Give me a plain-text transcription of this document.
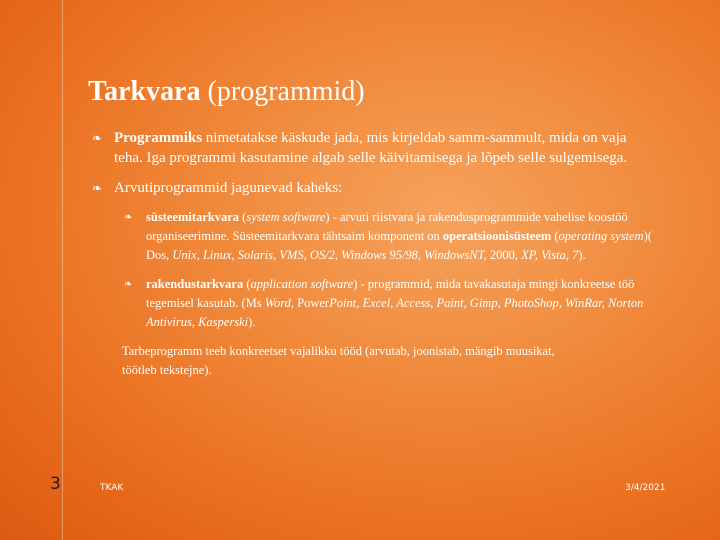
Tarkvara (programmid)
❧ Programmiks nimetatakse käskude jada, mis kirjeldab samm-sammult, mida on vaja teha. Iga programmi kasutamine algab selle käivitamisega ja lõpeb selle sulgemisega.
❧ Arvutiprogrammid jagunevad kaheks:
❧ süsteemitarkvara (system software) - arvuti riistvara ja rakendusprogrammide vahelise koostöö organiseerimine. Süsteemitarkvara tähtsaim komponent on operatsioonisüsteem (operating system)( Dos, Unix, Linux, Solaris, VMS, OS/2, Windows 95/98, WindowsNT, 2000, XP, Vista, 7).
❧ rakendustarkvara (application software) - programmid, mida tavakasutaja mingi konkreetse töö tegemisel kasutab. (Ms Word, PowerPoint, Excel, Access, Paint, Gimp, PhotoShop, WinRar, Norton Antivirus, Kasperski).
Tarbeprogramm teeb konkreetset vajalikku tööd (arvutab, joonistab, mängib muusikat, töötleb tekstejne).
3	TKAK	3/4/2021
